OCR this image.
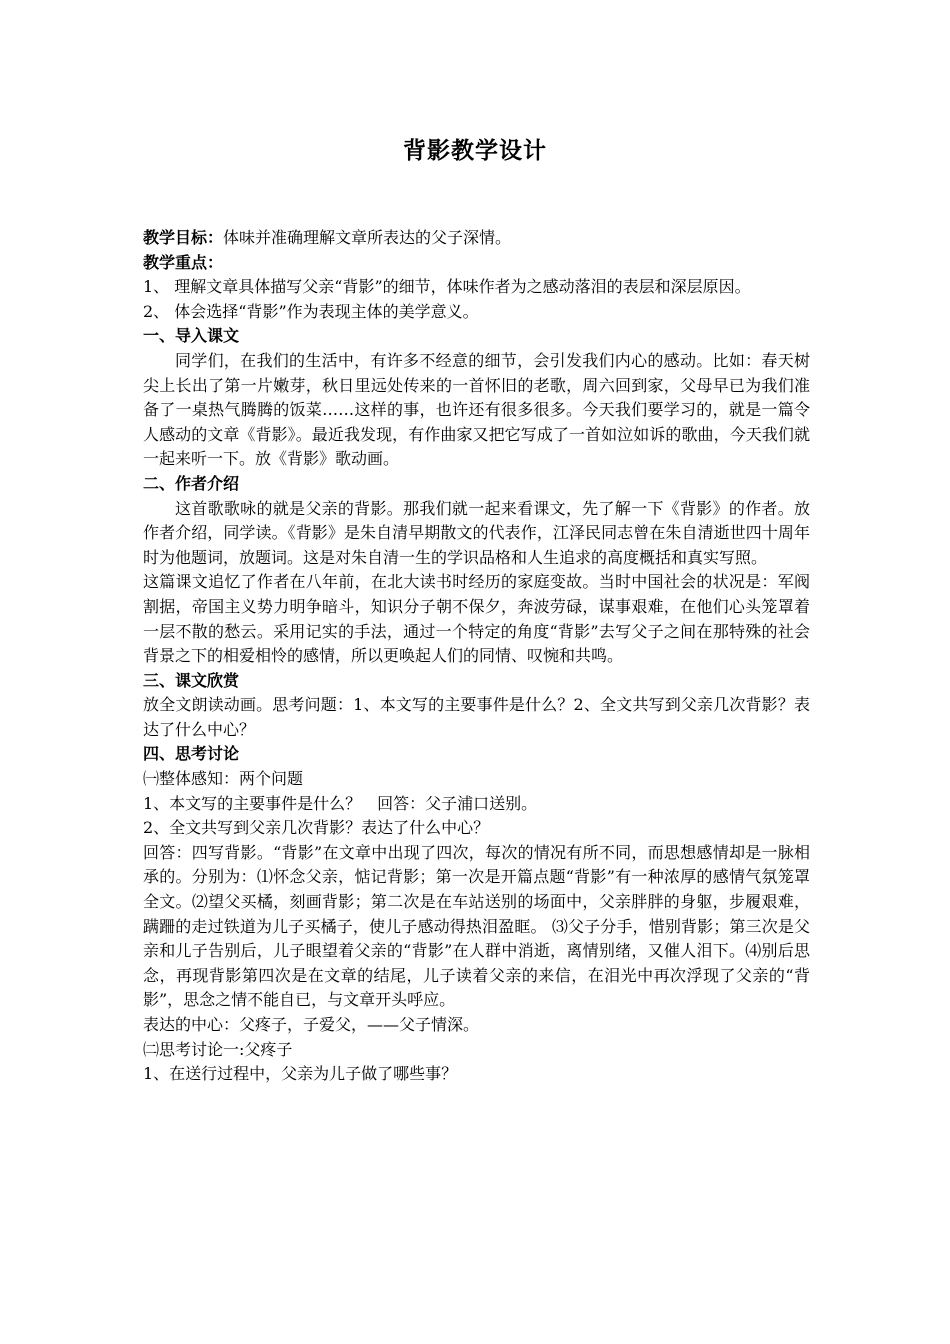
背影教学设计

教学目标：体味并准确理解文章所表达的父子深情。

教学重点：

1、 理解文章具体描写父亲“背影”的细节，体味作者为之感动落泪的表层和深层原因。

2、 体会选择“背影”作为表现主体的美学意义。

一、导入课文

同学们，在我们的生活中，有许多不经意的细节，会引发我们内心的感动。比如：春天树尖上长出了第一片嫩芽，秋日里远处传来的一首怀旧的老歌，周六回到家，父母早已为我们准备了一桌热气腾腾的饭菜……这样的事，也许还有很多很多。今天我们要学习的，就是一篇令人感动的文章《背影》。最近我发现，有作曲家又把它写成了一首如泣如诉的歌曲，今天我们就一起来听一下。放《背影》歌动画。

二、作者介绍

这首歌歌咏的就是父亲的背影。那我们就一起来看课文，先了解一下《背影》的作者。放作者介绍，同学读。《背影》是朱自清早期散文的代表作，江泽民同志曾在朱自清逝世四十周年时为他题词，放题词。这是对朱自清一生的学识品格和人生追求的高度概括和真实写照。

这篇课文追忆了作者在八年前，在北大读书时经历的家庭变故。当时中国社会的状况是：军阀割据，帝国主义势力明争暗斗，知识分子朝不保夕，奔波劳碌，谋事艰难，在他们心头笼罩着一层不散的愁云。采用记实的手法，通过一个特定的角度“背影”去写父子之间在那特殊的社会背景之下的相爱相怜的感情，所以更唤起人们的同情、叹惋和共鸣。

三、课文欣赏

放全文朗读动画。思考问题：1、本文写的主要事件是什么？2、全文共写到父亲几次背影？表达了什么中心？

四、思考讨论

㈠整体感知：两个问题

1、本文写的主要事件是什么？　回答：父子浦口送别。

2、全文共写到父亲几次背影？表达了什么中心？

回答：四写背影。“背影”在文章中出现了四次，每次的情况有所不同，而思想感情却是一脉相承的。分别为：⑴怀念父亲，惦记背影；第一次是开篇点题“背影”有一种浓厚的感情气氛笼罩全文。⑵望父买橘，刻画背影；第二次是在车站送别的场面中，父亲胖胖的身躯，步履艰难，蹒跚的走过铁道为儿子买橘子，使儿子感动得热泪盈眶。 ⑶父子分手，惜别背影；第三次是父亲和儿子告别后，儿子眼望着父亲的“背影”在人群中消逝，离情别绪，又催人泪下。⑷别后思念，再现背影第四次是在文章的结尾，儿子读着父亲的来信，在泪光中再次浮现了父亲的“背影”，思念之情不能自已，与文章开头呼应。

表达的中心：父疼子，子爱父，——父子情深。

㈡思考讨论一:父疼子

1、在送行过程中，父亲为儿子做了哪些事？
